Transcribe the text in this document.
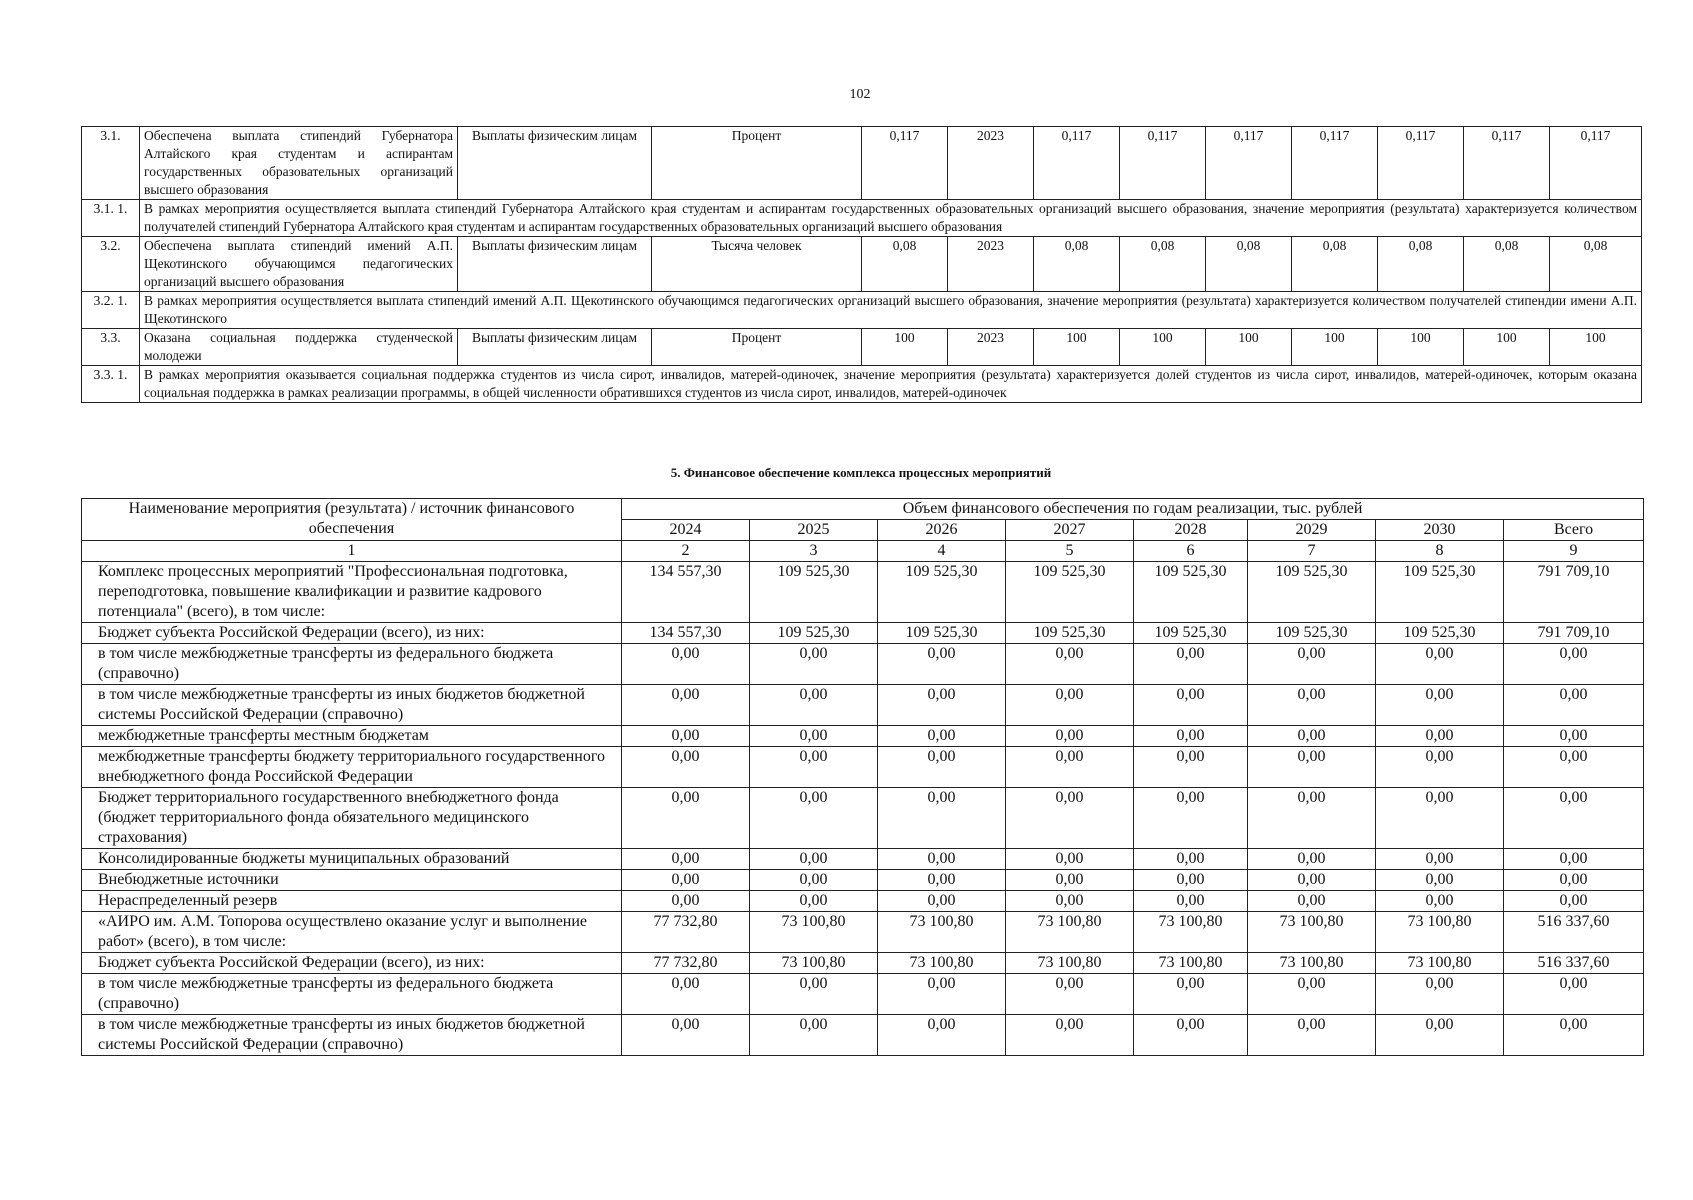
102
3.1.	Обеспечена выплата стипендий Губернатора Алтайского края студентам и аспирантам государственных образовательных организаций высшего образования	Выплаты физическим лицам	Процент	0,117	2023	0,117	0,117	0,117	0,117	0,117	0,117	0,117
3.1. 1.	В рамках мероприятия осуществляется выплата стипендий Губернатора Алтайского края студентам и аспирантам государственных образовательных организаций высшего образования, значение мероприятия (результата) характеризуется количеством получателей стипендий Губернатора Алтайского края студентам и аспирантам государственных образовательных организаций высшего образования											
3.2.	Обеспечена выплата стипендий имений А.П. Щекотинского обучающимся педагогических организаций высшего образования	Выплаты физическим лицам	Тысяча человек	0,08	2023	0,08	0,08	0,08	0,08	0,08	0,08	0,08
3.2. 1.	В рамках мероприятия осуществляется выплата стипендий имений А.П. Щекотинского обучающимся педагогических организаций высшего образования, значение мероприятия (результата) характеризуется количеством получателей стипендии имени А.П. Щекотинского											
3.3.	Оказана социальная поддержка студенческой молодежи	Выплаты физическим лицам	Процент	100	2023	100	100	100	100	100	100	100
3.3. 1.	В рамках мероприятия оказывается социальная поддержка студентов из числа сирот, инвалидов, матерей-одиночек, значение мероприятия (результата) характеризуется долей студентов из числа сирот, инвалидов, матерей-одиночек, которым оказана социальная поддержка в рамках реализации программы, в общей численности обратившихся студентов из числа сирот, инвалидов, матерей-одиночек											
5. Финансовое обеспечение комплекса процессных мероприятий
Наименование мероприятия (результата) / источник финансового обеспечения	Объем финансового обеспечения по годам реализации, тыс. рублей							
	2024	2025	2026	2027	2028	2029	2030	Всего
1	2	3	4	5	6	7	8	9
Комплекс процессных мероприятий "Профессиональная подготовка, переподготовка, повышение квалификации и развитие кадрового потенциала" (всего), в том числе:	134 557,30	109 525,30	109 525,30	109 525,30	109 525,30	109 525,30	109 525,30	791 709,10
Бюджет субъекта Российской Федерации (всего), из них:	134 557,30	109 525,30	109 525,30	109 525,30	109 525,30	109 525,30	109 525,30	791 709,10
в том числе межбюджетные трансферты из федерального бюджета (справочно)	0,00	0,00	0,00	0,00	0,00	0,00	0,00	0,00
в том числе межбюджетные трансферты из иных бюджетов бюджетной системы Российской Федерации (справочно)	0,00	0,00	0,00	0,00	0,00	0,00	0,00	0,00
межбюджетные трансферты местным бюджетам	0,00	0,00	0,00	0,00	0,00	0,00	0,00	0,00
межбюджетные трансферты бюджету территориального государственного внебюджетного фонда Российской Федерации	0,00	0,00	0,00	0,00	0,00	0,00	0,00	0,00
Бюджет территориального государственного внебюджетного фонда (бюджет территориального фонда обязательного медицинского страхования)	0,00	0,00	0,00	0,00	0,00	0,00	0,00	0,00
Консолидированные бюджеты муниципальных образований	0,00	0,00	0,00	0,00	0,00	0,00	0,00	0,00
Внебюджетные источники	0,00	0,00	0,00	0,00	0,00	0,00	0,00	0,00
Нераспределенный резерв	0,00	0,00	0,00	0,00	0,00	0,00	0,00	0,00
«АИРО им. А.М. Топорова осуществлено оказание услуг и выполнение работ» (всего), в том числе:	77 732,80	73 100,80	73 100,80	73 100,80	73 100,80	73 100,80	73 100,80	516 337,60
Бюджет субъекта Российской Федерации (всего), из них:	77 732,80	73 100,80	73 100,80	73 100,80	73 100,80	73 100,80	73 100,80	516 337,60
в том числе межбюджетные трансферты из федерального бюджета (справочно)	0,00	0,00	0,00	0,00	0,00	0,00	0,00	0,00
в том числе межбюджетные трансферты из иных бюджетов бюджетной системы Российской Федерации (справочно)	0,00	0,00	0,00	0,00	0,00	0,00	0,00	0,00
